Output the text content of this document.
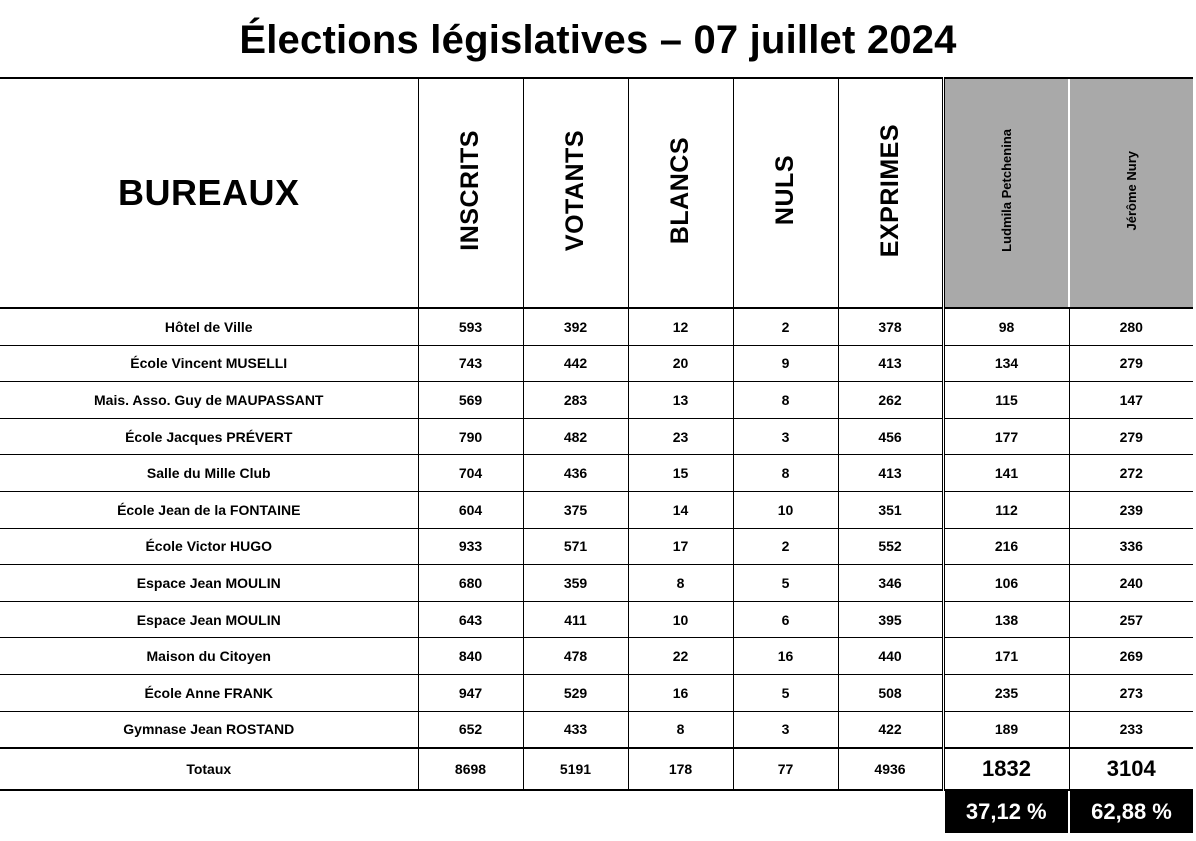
Élections législatives – 07 juillet 2024
BUREAUX	INSCRITS	VOTANTS	BLANCS	NULS	EXPRIMES	Ludmila Petchenina	Jérôme Nury
Hôtel de Ville	593	392	12	2	378	98	280
École Vincent MUSELLI	743	442	20	9	413	134	279
Mais. Asso. Guy de MAUPASSANT	569	283	13	8	262	115	147
École Jacques PRÉVERT	790	482	23	3	456	177	279
Salle du Mille Club	704	436	15	8	413	141	272
École Jean de la FONTAINE	604	375	14	10	351	112	239
École Victor HUGO	933	571	17	2	552	216	336
Espace Jean MOULIN	680	359	8	5	346	106	240
Espace Jean MOULIN	643	411	10	6	395	138	257
Maison du Citoyen	840	478	22	16	440	171	269
École Anne FRANK	947	529	16	5	508	235	273
Gymnase Jean ROSTAND	652	433	8	3	422	189	233
Totaux	8698	5191	178	77	4936	1832	3104
						37,12 %	62,88 %
